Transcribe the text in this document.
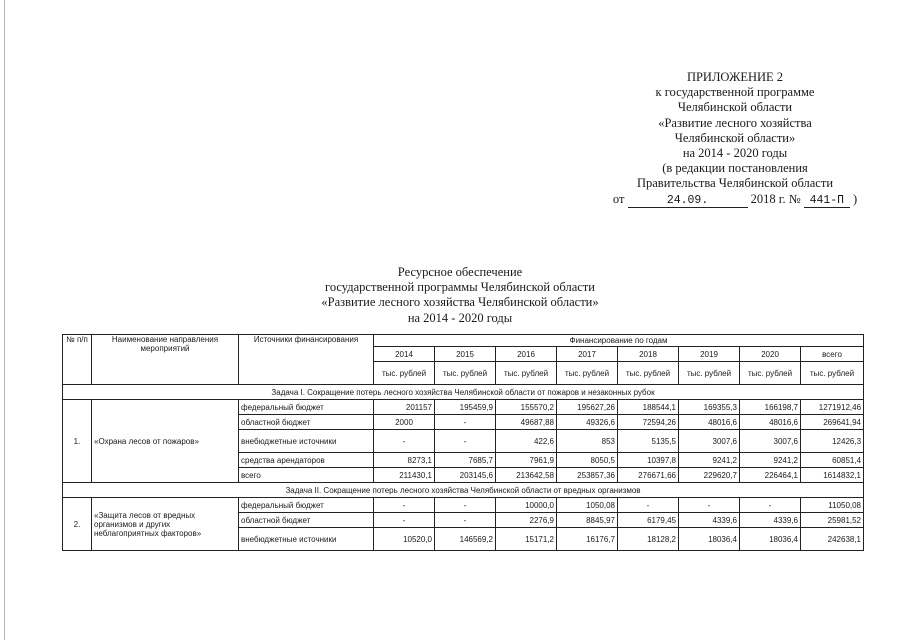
ПРИЛОЖЕНИЕ 2
к государственной программе
Челябинской области
«Развитие лесного хозяйства
Челябинской области»
на 2014 - 2020 годы
(в редакции постановления
Правительства Челябинской области
от	24.09.	2018 г. № 441-П )
Ресурсное обеспечение
государственной программы Челябинской области
«Развитие лесного хозяйства Челябинской области»
на 2014 - 2020 годы
№ п/п	Наименование направления мероприятий	Источники финансирования	Финансирование по годам							
			2014	2015	2016	2017	2018	2019	2020	всего
			тыс. рублей	тыс. рублей	тыс. рублей	тыс. рублей	тыс. рублей	тыс. рублей	тыс. рублей	тыс. рублей
Задача I. Сокращение потерь лесного хозяйства Челябинской области от пожаров и незаконных рубок										
1.	«Охрана лесов от пожаров»	федеральный бюджет	201157	195459,9	155570,2	195627,26	188544,1	169355,3	166198,7	1271912,46
		областной бюджет	2000	-	49687,88	49326,6	72594,26	48016,6	48016,6	269641,94
		внебюджетные источники	-	-	422,6	853	5135,5	3007,6	3007,6	12426,3
		средства арендаторов	8273,1	7685,7	7961,9	8050,5	10397,8	9241,2	9241,2	60851,4
		всего	211430,1	203145,6	213642,58	253857,36	276671,66	229620,7	226464,1	1614832,1
Задача II. Сокращение потерь лесного хозяйства Челябинской области от вредных организмов										
2.	«Защита лесов от вредных организмов и других неблагоприятных факторов»	федеральный бюджет	-	-	10000,0	1050,08	-	-	-	11050,08
		областной бюджет	-	-	2276,9	8845,97	6179,45	4339,6	4339,6	25981,52
		внебюджетные источники	10520,0	146569,2	15171,2	16176,7	18128,2	18036,4	18036,4	242638,1
